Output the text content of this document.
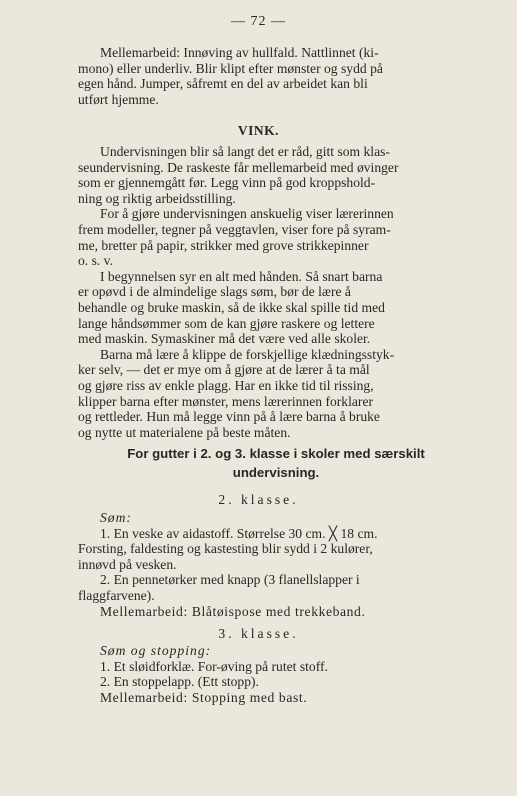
— 72 —

Mellemarbeid: Innøving av hullfald. Nattlinnet (ki-

mono) eller underliv. Blir klipt efter mønster og sydd på

egen hånd. Jumper, såfremt en del av arbeidet kan bli

utført hjemme.

VINK.

Undervisningen blir så langt det er råd, gitt som klas-

seundervisning. De raskeste får mellemarbeid med øvinger

som er gjennemgått før. Legg vinn på god kroppshold-

ning og riktig arbeidsstilling.

For å gjøre undervisningen anskuelig viser lærerinnen

frem modeller, tegner på veggtavlen, viser fore på syram-

me, bretter på papir, strikker med grove strikkepinner

o. s. v.

I begynnelsen syr en alt med hånden. Så snart barna

er opøvd i de almindelige slags søm, bør de lære å

behandle og bruke maskin, så de ikke skal spille tid med

lange håndsømmer som de kan gjøre raskere og lettere

med maskin. Symaskiner må det være ved alle skoler.

Barna må lære å klippe de forskjellige klædningsstyk-

ker selv, — det er mye om å gjøre at de lærer å ta mål

og gjøre riss av enkle plagg. Har en ikke tid til rissing,

klipper barna efter mønster, mens lærerinnen forklarer

og rettleder. Hun må legge vinn på å lære barna å bruke

og nytte ut materialene på beste måten.

For gutter i 2. og 3. klasse i skoler med særskilt
undervisning.
2. klasse.

Søm:

1. En veske av aidastoff. Størrelse 30 cm. ╳ 18 cm.

Forsting, faldesting og kastesting blir sydd i 2 kulører,

innøvd på vesken.

2. En pennetørker med knapp (3 flanellslapper i

flaggfarvene).

Mellemarbeid: Blåtøispose med trekkeband.

3. klasse.

Søm og stopping:

1. Et sløidforklæ. For-øving på rutet stoff.

2. En stoppelapp. (Ett stopp).

Mellemarbeid: Stopping med bast.
